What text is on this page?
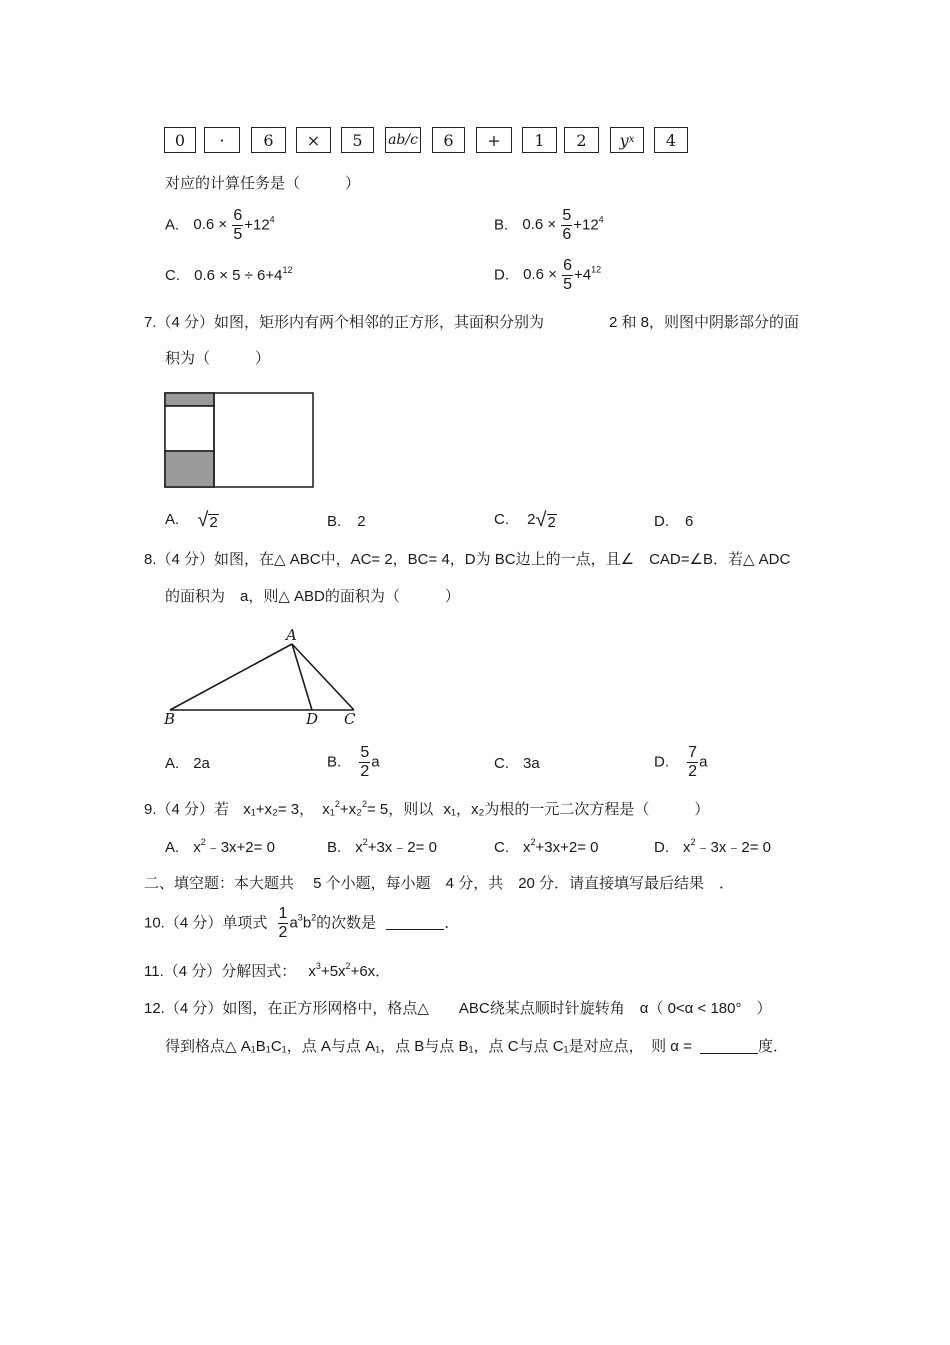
0	·	6	×	5	ab/c	6	+	1	2	y x	4
对应的计算任务是（　　　）
A. $0.6 \times \frac{6}{5} +12^4$	B. $0.6 \times \frac{5}{6} +12^4$
C. $0.6 \times 5 \div 6+4^{12}$	D. $0.6 \times \frac{6}{5} +4^{12}$
7.（4 分）如图，矩形内有两个相邻的正方形，其面积分别为	2 和 8，则图中阴影部分的面
积为（　　　）
A. √ 2	B. 2	C. 2 √ 2	D. 6
8.（4 分）如图，在△ ABC中，AC= 2，BC= 4，D为 BC边上的一点，且∠　CAD=∠B．若△ ADC
的面积为　a，则△ ABD的面积为（　　　）
A
B	D C
A. 2a	B. $\frac{5}{2}$ a	C. 3a	D. $\frac{7}{2}$ a
9.（4 分）若 x₁+x₂= 3， x₁$^2$+x₂$^2$= 5，则以 x₁，x₂为根的一元二次方程是（　　　）
A. $x^2﹣3x+2= 0$	B. $x^2+3x﹣2= 0$	C. $x^2+3x+2= 0$	D. $x^2﹣3x﹣2= 0$
二、填空题：本大题共　 5 个小题，每小题　4 分，共　20 分．请直接填写最后结果　．
10.（4 分）单项式 $\frac{1}{2} a^3b^2$的次数是	．
11.（4 分）分解因式： $x^3+5x^2+6x$．
12.（4 分）如图，在正方形网格中，格点△　　ABC绕某点顺时针旋转角　α（ 0<α < 180°　）
得到格点△ A₁B₁C₁，点 A与点 A₁，点 B与点 B₁，点 C与点 C₁是对应点，　则 α =	度．
